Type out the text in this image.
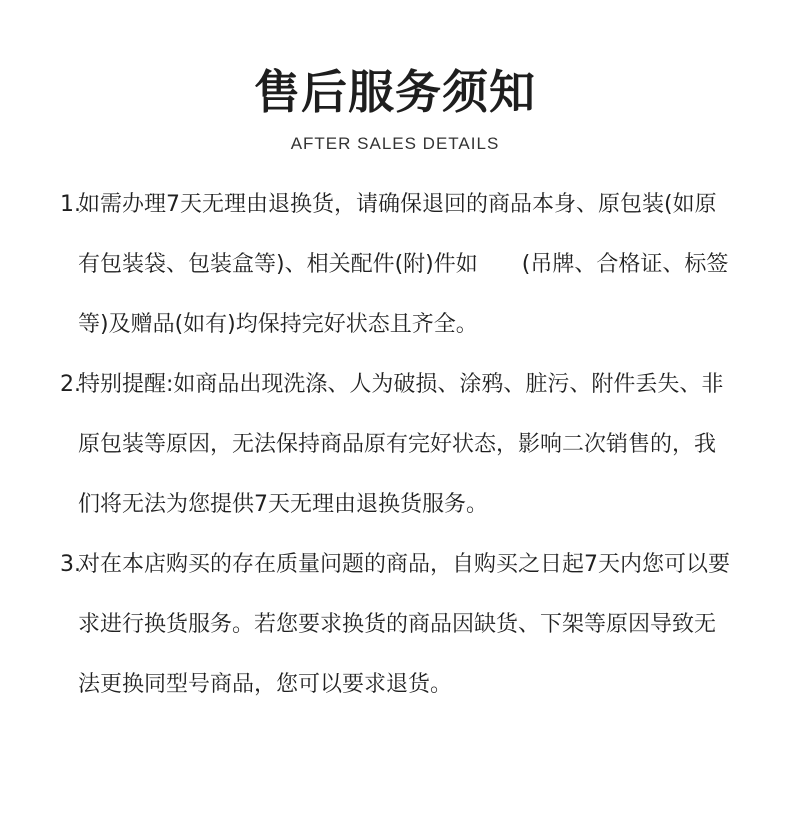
售后服务须知
AFTER SALES DETAILS
1.
如需办理7天无理由退换货，请确保退回的商品本身、原包装(如原有包装袋、包装盒等)、相关配件(附)件如　　(吊牌、合格证、标签等)及赠品(如有)均保持完好状态且齐全。
2.
特别提醒:如商品出现洗涤、人为破损、涂鸦、脏污、附件丢失、非原包装等原因，无法保持商品原有完好状态，影响二次销售的，我们将无法为您提供7天无理由退换货服务。
3.
对在本店购买的存在质量问题的商品，自购买之日起7天内您可以要求进行换货服务。若您要求换货的商品因缺货、下架等原因导致无法更换同型号商品，您可以要求退货。
